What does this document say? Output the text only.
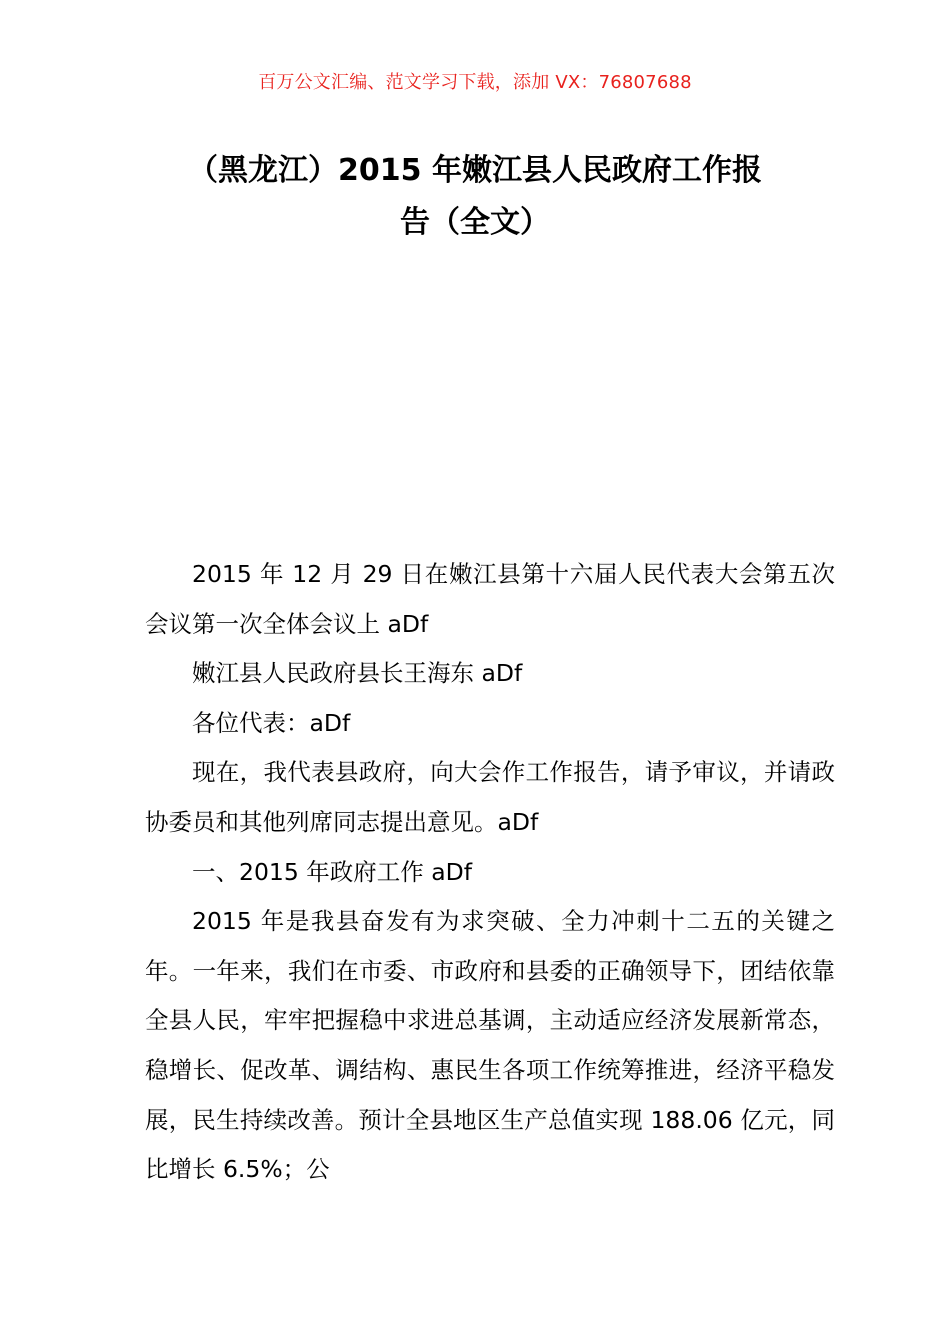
百万公文汇编、范文学习下载，添加 VX：76807688
（黑龙江）2015 年嫩江县人民政府工作报
告（全文）

2015 年 12 月 29 日在嫩江县第十六届人民代表大会第五次会议第一次全体会议上 aDf

嫩江县人民政府县长王海东 aDf

各位代表：aDf

现在，我代表县政府，向大会作工作报告，请予审议，并请政协委员和其他列席同志提出意见。aDf

一、2015 年政府工作 aDf

2015 年是我县奋发有为求突破、全力冲刺十二五的关键之年。一年来，我们在市委、市政府和县委的正确领导下，团结依靠全县人民，牢牢把握稳中求进总基调，主动适应经济发展新常态，稳增长、促改革、调结构、惠民生各项工作统筹推进，经济平稳发展，民生持续改善。预计全县地区生产总值实现 188.06 亿元，同比增长 6.5%；公
